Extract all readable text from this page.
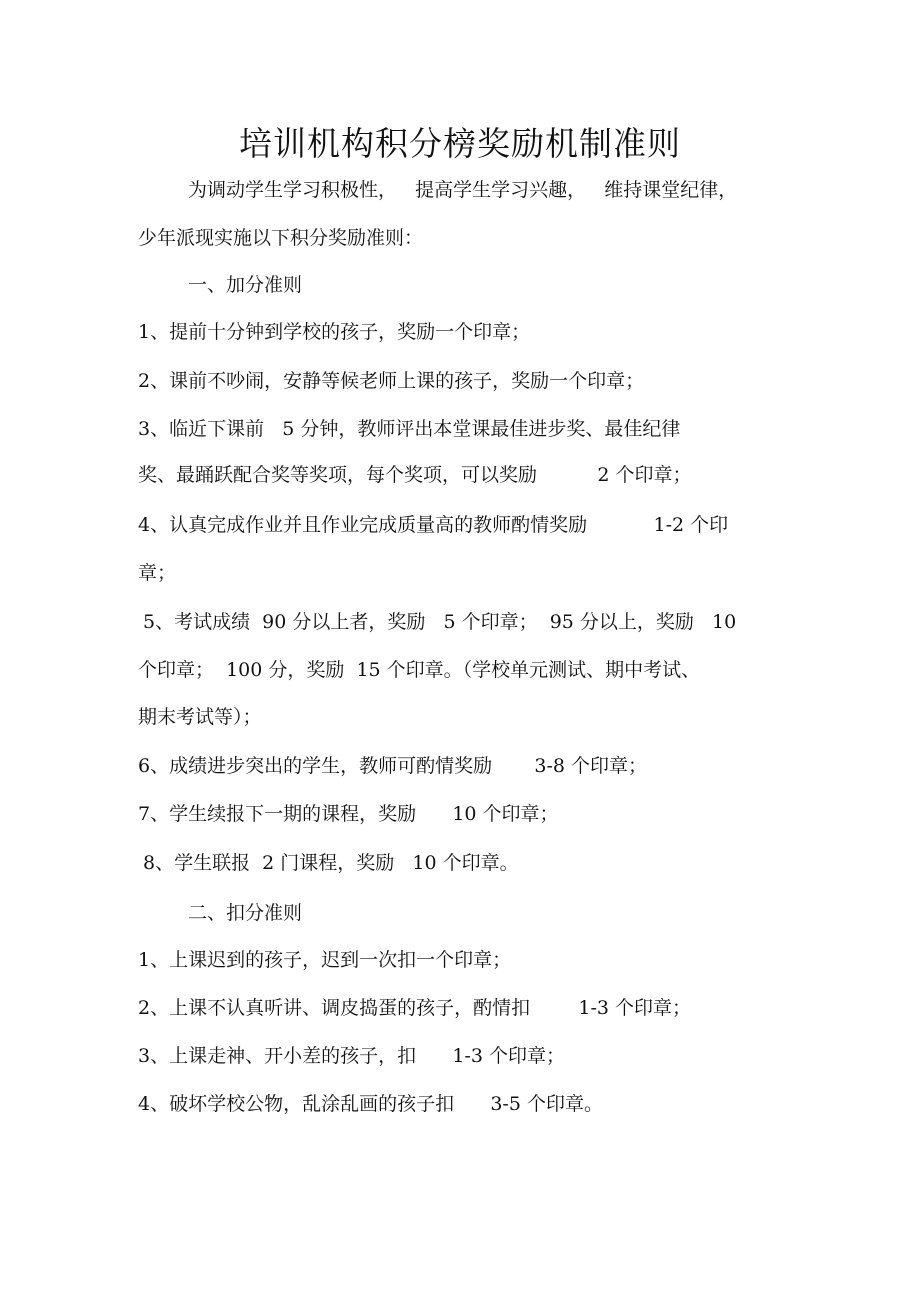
培训机构积分榜奖励机制准则
为调动学生学习积极性，   提高学生学习兴趣，   维持课堂纪律，
少年派现实施以下积分奖励准则：
一、加分准则
1、提前十分钟到学校的孩子，奖励一个印章；
2、课前不吵闹，安静等候老师上课的孩子，奖励一个印章；
3、临近下课前   5 分钟，教师评出本堂课最佳进步奖、最佳纪律
奖、最踊跃配合奖等奖项，每个奖项，可以奖励          2 个印章；
4、认真完成作业并且作业完成质量高的教师酌情奖励           1-2 个印
章；
5、考试成绩  90 分以上者，奖励   5 个印章；  95 分以上，奖励   10
个印章；  100 分，奖励  15 个印章。（学校单元测试、期中考试、
期末考试等）；
6、成绩进步突出的学生，教师可酌情奖励       3-8 个印章；
7、学生续报下一期的课程，奖励      10 个印章；
8、学生联报  2 门课程，奖励   10 个印章。
二、扣分准则
1、上课迟到的孩子，迟到一次扣一个印章；
2、上课不认真听讲、调皮捣蛋的孩子，酌情扣        1-3 个印章；
3、上课走神、开小差的孩子，扣      1-3 个印章；
4、破坏学校公物，乱涂乱画的孩子扣      3-5 个印章。
